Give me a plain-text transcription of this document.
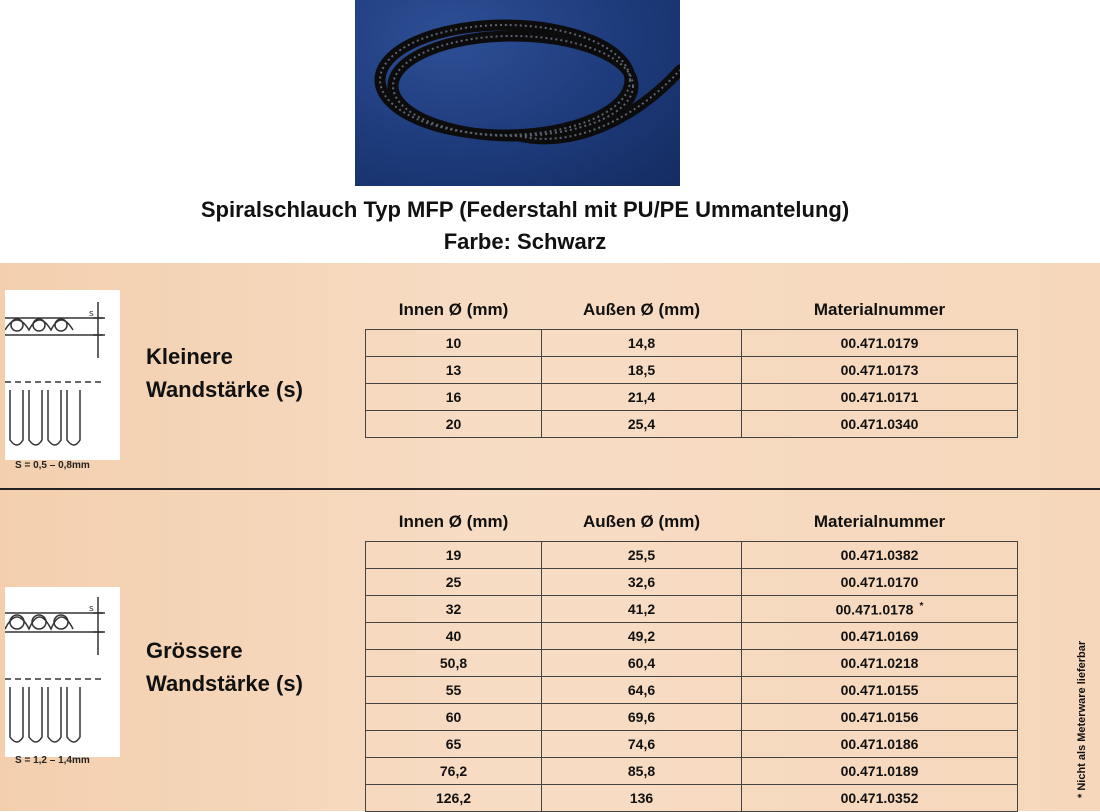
Spiralschlauch Typ MFP (Federstahl mit PU/PE Ummantelung)
Farbe: Schwarz
s
S = 0,5 – 0,8mm
Kleinere
Wandstärke (s)
Innen Ø (mm)	Außen Ø (mm)	Materialnummer
10	14,8	00.471.0179
13	18,5	00.471.0173
16	21,4	00.471.0171
20	25,4	00.471.0340
s
S = 1,2 – 1,4mm
Grössere
Wandstärke (s)
Innen Ø (mm)	Außen Ø (mm)	Materialnummer
19	25,5	00.471.0382
25	32,6	00.471.0170
32	41,2	00.471.0178 *
40	49,2	00.471.0169
50,8	60,4	00.471.0218
55	64,6	00.471.0155
60	69,6	00.471.0156
65	74,6	00.471.0186
76,2	85,8	00.471.0189
126,2	136	00.471.0352	* Nicht als Meterware lieferbar
